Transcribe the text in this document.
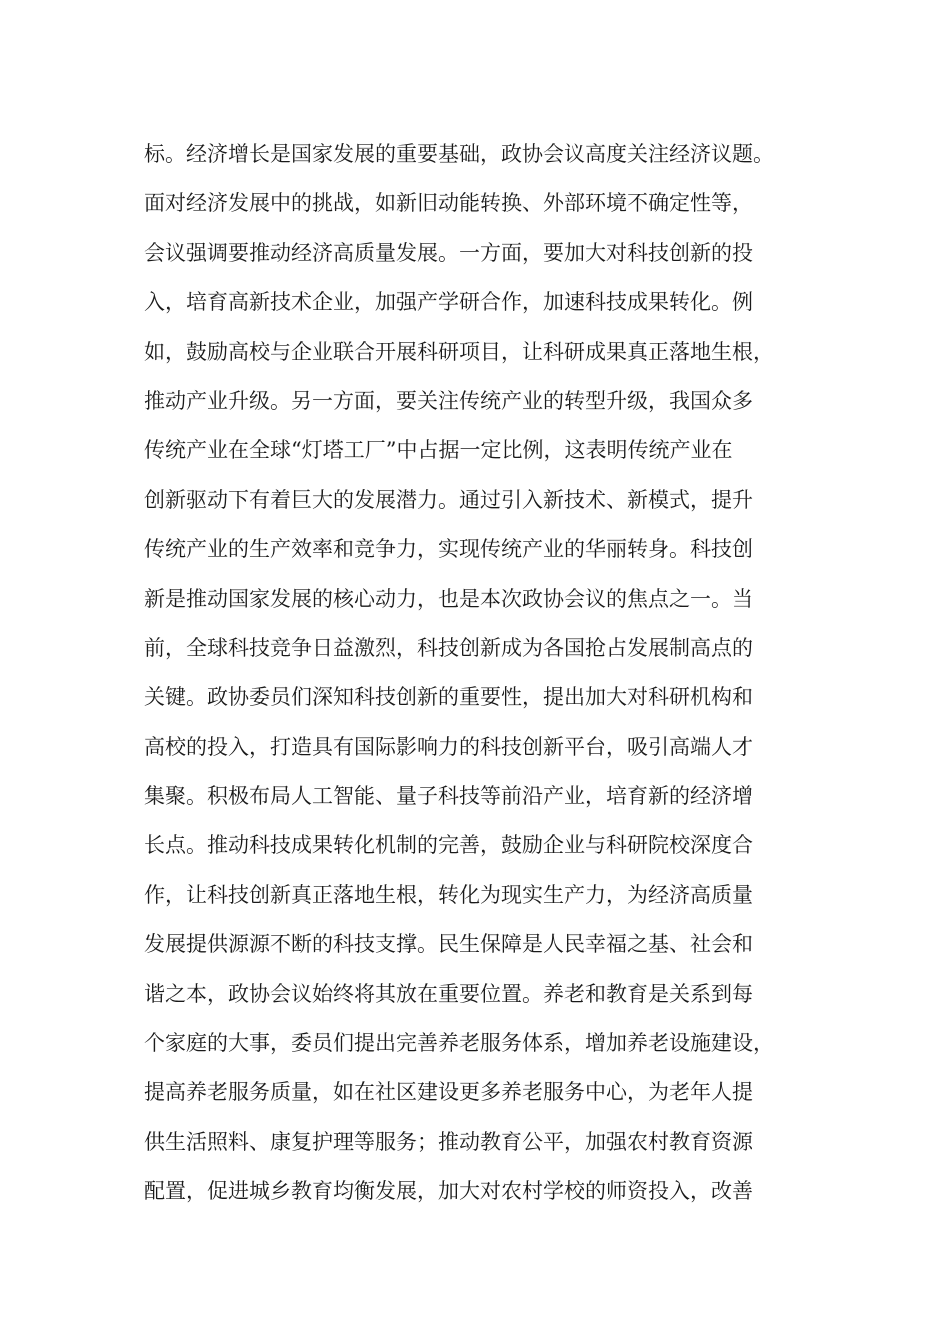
标。经济增长是国家发展的重要基础，政协会议高度关注经济议题。
面对经济发展中的挑战，如新旧动能转换、外部环境不确定性等，
会议强调要推动经济高质量发展。一方面，要加大对科技创新的投
入，培育高新技术企业，加强产学研合作，加速科技成果转化。例
如，鼓励高校与企业联合开展科研项目，让科研成果真正落地生根，
推动产业升级。另一方面，要关注传统产业的转型升级，我国众多
传统产业在全球“灯塔工厂”中占据一定比例，这表明传统产业在
创新驱动下有着巨大的发展潜力。通过引入新技术、新模式，提升
传统产业的生产效率和竞争力，实现传统产业的华丽转身。科技创
新是推动国家发展的核心动力，也是本次政协会议的焦点之一。当
前，全球科技竞争日益激烈，科技创新成为各国抢占发展制高点的
关键。政协委员们深知科技创新的重要性，提出加大对科研机构和
高校的投入，打造具有国际影响力的科技创新平台，吸引高端人才
集聚。积极布局人工智能、量子科技等前沿产业，培育新的经济增
长点。推动科技成果转化机制的完善，鼓励企业与科研院校深度合
作，让科技创新真正落地生根，转化为现实生产力，为经济高质量
发展提供源源不断的科技支撑。民生保障是人民幸福之基、社会和
谐之本，政协会议始终将其放在重要位置。养老和教育是关系到每
个家庭的大事，委员们提出完善养老服务体系，增加养老设施建设，
提高养老服务质量，如在社区建设更多养老服务中心，为老年人提
供生活照料、康复护理等服务；推动教育公平，加强农村教育资源
配置，促进城乡教育均衡发展，加大对农村学校的师资投入，改善
